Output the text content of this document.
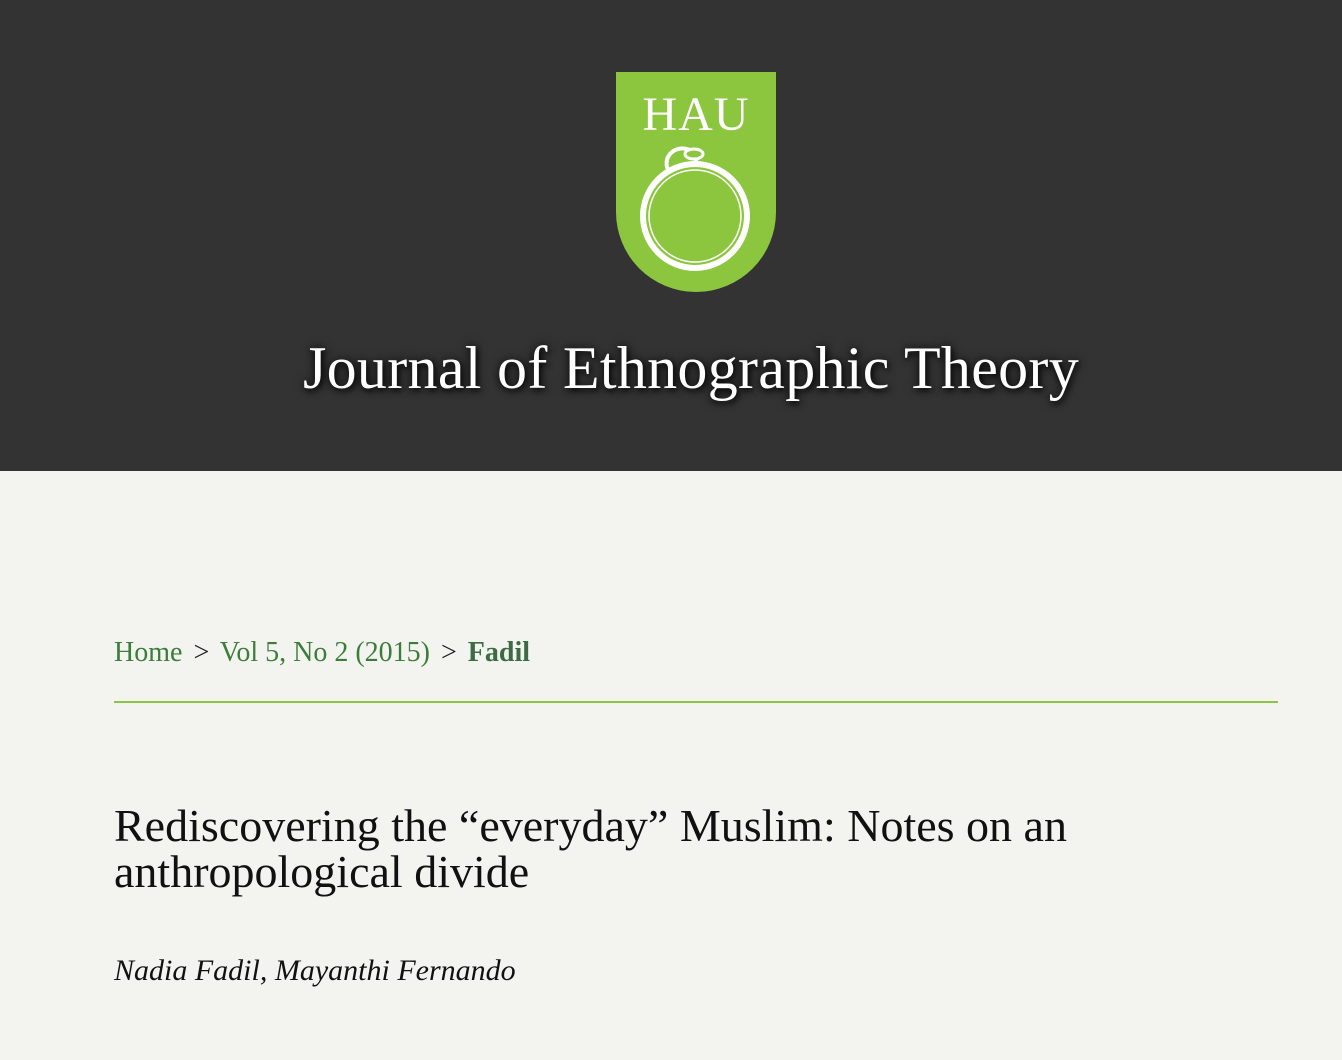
HAU
Journal of Ethnographic Theory
Home > Vol 5, No 2 (2015) > Fadil
Rediscovering the “everyday” Muslim: Notes on an anthropological divide
Nadia Fadil, Mayanthi Fernando
